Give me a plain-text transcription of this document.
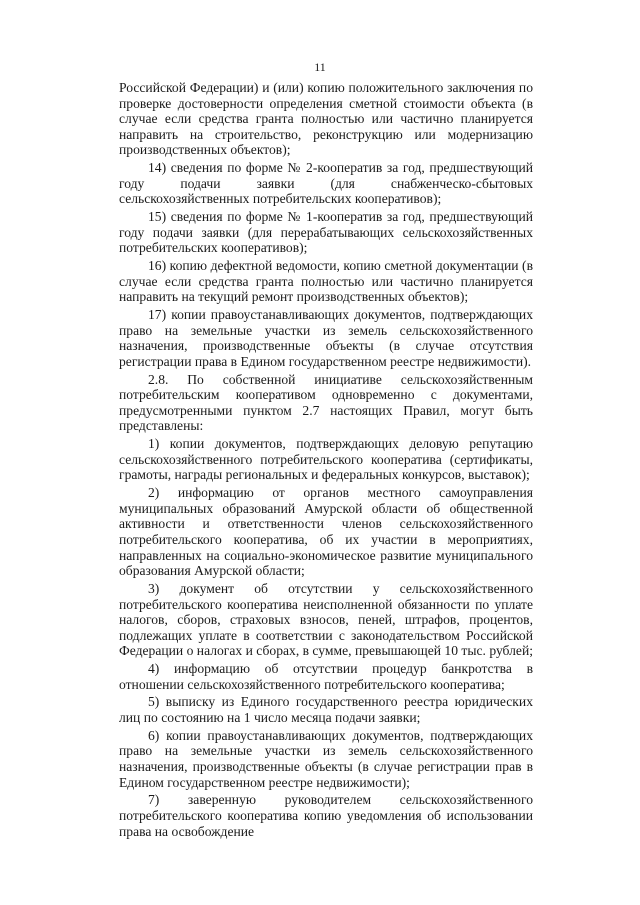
11

Российской Федерации) и (или) копию положительного заключения по проверке достоверности определения сметной стоимости объекта (в случае если средства гранта полностью или частично планируется направить на строительство, реконструкцию или модернизацию производственных объектов);

14) сведения по форме № 2-кооператив за год, предшествующий году подачи заявки (для снабженческо-сбытовых сельскохозяйственных потребительских кооперативов);

15) сведения по форме № 1-кооператив за год, предшествующий году подачи заявки (для перерабатывающих сельскохозяйственных потребительских кооперативов);

16) копию дефектной ведомости, копию сметной документации (в случае если средства гранта полностью или частично планируется направить на текущий ремонт производственных объектов);

17) копии правоустанавливающих документов, подтверждающих право на земельные участки из земель сельскохозяйственного назначения, производственные объекты (в случае отсутствия регистрации права в Едином государственном реестре недвижимости).

2.8. По собственной инициативе сельскохозяйственным потребительским кооперативом одновременно с документами, предусмотренными пунктом 2.7 настоящих Правил, могут быть представлены:

1) копии документов, подтверждающих деловую репутацию сельскохозяйственного потребительского кооператива (сертификаты, грамоты, награды региональных и федеральных конкурсов, выставок);

2) информацию от органов местного самоуправления муниципальных образований Амурской области об общественной активности и ответственности членов сельскохозяйственного потребительского кооператива, об их участии в мероприятиях, направленных на социально-экономическое развитие муниципального образования Амурской области;

3) документ об отсутствии у сельскохозяйственного потребительского кооператива неисполненной обязанности по уплате налогов, сборов, страховых взносов, пеней, штрафов, процентов, подлежащих уплате в соответствии с законодательством Российской Федерации о налогах и сборах, в сумме, превышающей 10 тыс. рублей;

4) информацию об отсутствии процедур банкротства в отношении сельскохозяйственного потребительского кооператива;

5) выписку из Единого государственного реестра юридических лиц по состоянию на 1 число месяца подачи заявки;

6) копии правоустанавливающих документов, подтверждающих право на земельные участки из земель сельскохозяйственного назначения, производственные объекты (в случае регистрации прав в Едином государственном реестре недвижимости);

7) заверенную руководителем сельскохозяйственного потребительского кооператива копию уведомления об использовании права на освобождение
